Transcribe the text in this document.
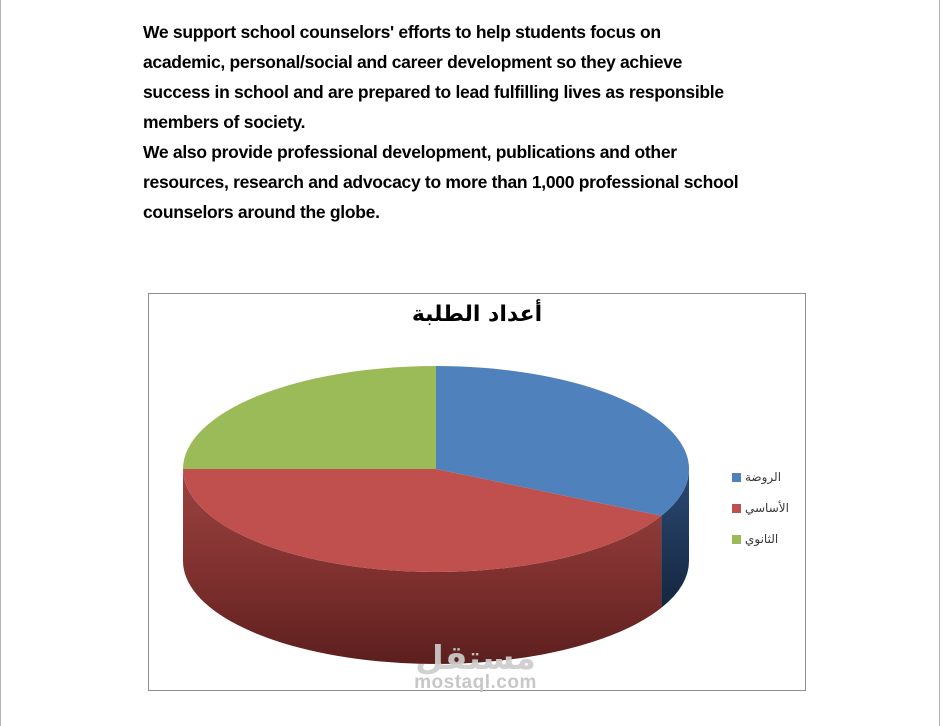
We support school counselors' efforts to help students focus on
academic, personal/social and career development so they achieve
success in school and are prepared to lead fulfilling lives as responsible
members of society.
We also provide professional development, publications and other
resources, research and advocacy to more than 1,000 professional school
counselors around the globe.
أعداد الطلبة
الروضة
الأساسي
الثانوي
مستقل
mostaql.com
